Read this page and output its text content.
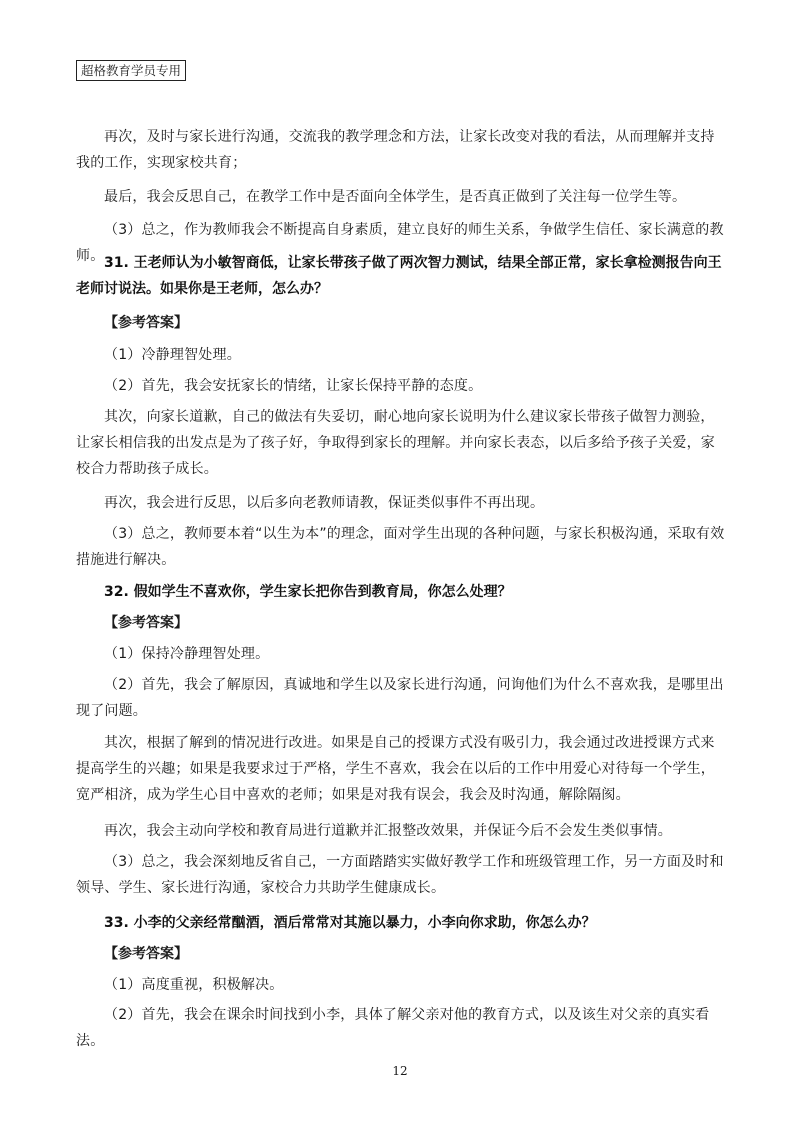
超格教育学员专用
再次，及时与家长进行沟通，交流我的教学理念和方法，让家长改变对我的看法，从而理解并支持我的工作，实现家校共育；
最后，我会反思自己，在教学工作中是否面向全体学生，是否真正做到了关注每一位学生等。
（3）总之，作为教师我会不断提高自身素质，建立良好的师生关系，争做学生信任、家长满意的教师。 31. 王老师认为小敏智商低，让家长带孩子做了两次智力测试，结果全部正常，家长拿检测报告向王老师讨说法。如果你是王老师，怎么办？
【参考答案】
（1）冷静理智处理。
（2）首先，我会安抚家长的情绪，让家长保持平静的态度。
其次，向家长道歉，自己的做法有失妥切，耐心地向家长说明为什么建议家长带孩子做智力测验，让家长相信我的出发点是为了孩子好，争取得到家长的理解。并向家长表态，以后多给予孩子关爱，家校合力帮助孩子成长。
再次，我会进行反思，以后多向老教师请教，保证类似事件不再出现。
（3）总之，教师要本着“以生为本”的理念，面对学生出现的各种问题，与家长积极沟通，采取有效措施进行解决。
32. 假如学生不喜欢你，学生家长把你告到教育局，你怎么处理？
【参考答案】
（1）保持冷静理智处理。
（2）首先，我会了解原因，真诚地和学生以及家长进行沟通，问询他们为什么不喜欢我，是哪里出现了问题。
其次，根据了解到的情况进行改进。如果是自己的授课方式没有吸引力，我会通过改进授课方式来提高学生的兴趣；如果是我要求过于严格，学生不喜欢，我会在以后的工作中用爱心对待每一个学生，宽严相济，成为学生心目中喜欢的老师；如果是对我有误会，我会及时沟通，解除隔阂。
再次，我会主动向学校和教育局进行道歉并汇报整改效果，并保证今后不会发生类似事情。
（3）总之，我会深刻地反省自己，一方面踏踏实实做好教学工作和班级管理工作，另一方面及时和领导、学生、家长进行沟通，家校合力共助学生健康成长。
33. 小李的父亲经常酗酒，酒后常常对其施以暴力，小李向你求助，你怎么办？
【参考答案】
（1）高度重视，积极解决。
（2）首先，我会在课余时间找到小李，具体了解父亲对他的教育方式，以及该生对父亲的真实看法。
12
